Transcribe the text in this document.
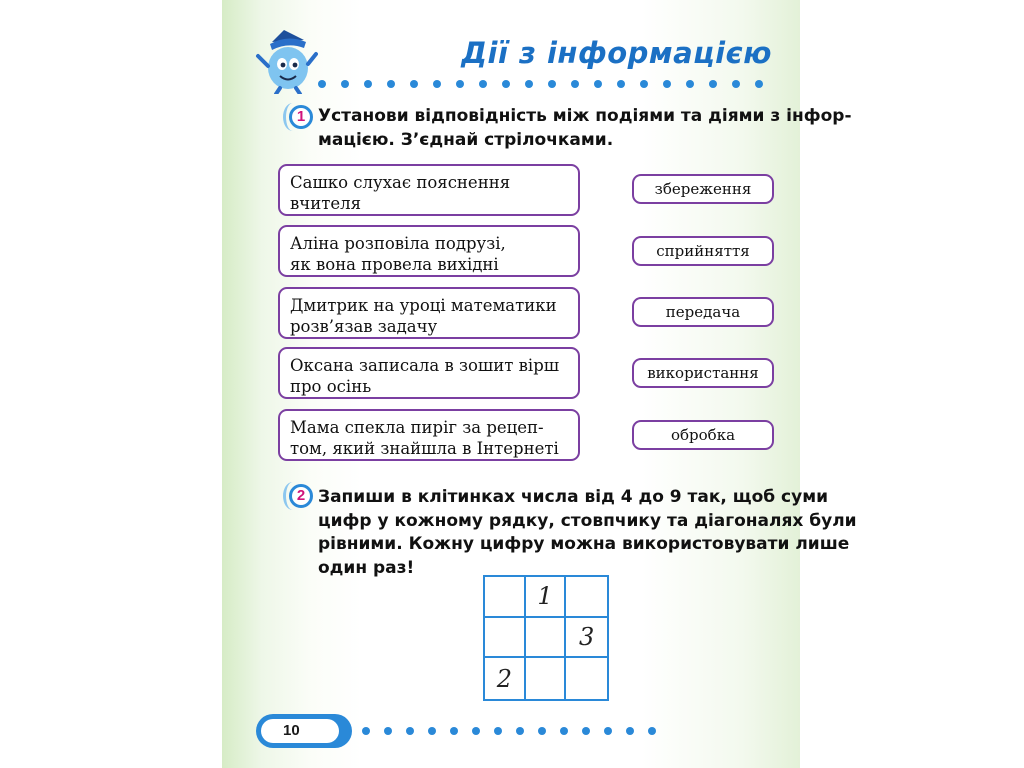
Дії з інформацією
1 Установи відповідність між подіями та діями з інфор-
мацією. З’єднай стрілочками.
Сашко слухає пояснення
вчителя
Аліна розповіла подрузі,
як вона провела вихідні
Дмитрик на уроці математики
розв’язав задачу
Оксана записала в зошит вірш
про осінь
Мама спекла пиріг за рецеп-
том, який знайшла в Інтернеті
збереження
сприйняття
передача
використання
обробка
2 Запиши в клітинках числа від 4 до 9 так, щоб суми
цифр у кожному рядку, стовпчику та діагоналях були
рівними. Кожну цифру можна використовувати лише
один раз!
1
3
2
10
